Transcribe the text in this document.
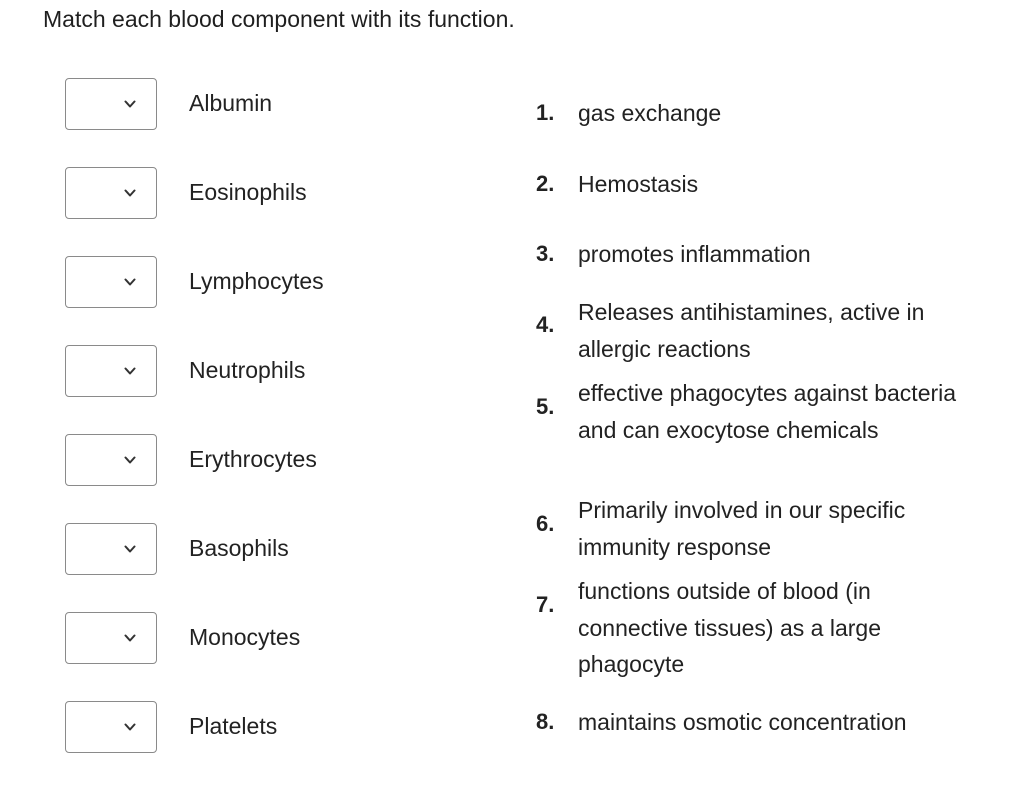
Match each blood component with its function.
Albumin
Eosinophils
Lymphocytes
Neutrophils
Erythrocytes
Basophils
Monocytes
Platelets
1. gas exchange
2. Hemostasis
3. promotes inflammation
4. Releases antihistamines, active in allergic reactions
5.
effective phagocytes against bacteria and can exocytose chemicals
6.
Primarily involved in our specific immunity response
7.
functions outside of blood (in connective tissues) as a large phagocyte
8. maintains osmotic concentration
